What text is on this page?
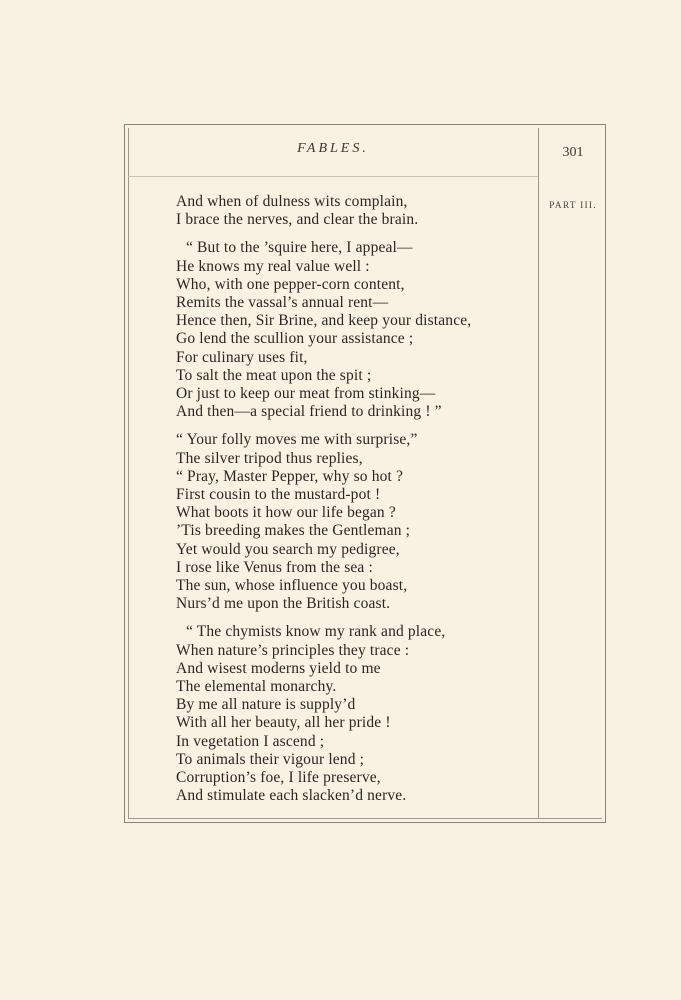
FABLES.	301
PART III.
And when of dulness wits complain,
I brace the nerves, and clear the brain.
“ But to the ’squire here, I appeal—
He knows my real value well :
Who, with one pepper-corn content,
Remits the vassal’s annual rent—
Hence then, Sir Brine, and keep your distance,
Go lend the scullion your assistance ;
For culinary uses fit,
To salt the meat upon the spit ;
Or just to keep our meat from stinking—
And then—a special friend to drinking ! ”
“ Your folly moves me with surprise,”
The silver tripod thus replies,
“ Pray, Master Pepper, why so hot ?
First cousin to the mustard-pot !
What boots it how our life began ?
’Tis breeding makes the Gentleman ;
Yet would you search my pedigree,
I rose like Venus from the sea :
The sun, whose influence you boast,
Nurs’d me upon the British coast.
“ The chymists know my rank and place,
When nature’s principles they trace :
And wisest moderns yield to me
The elemental monarchy.
By me all nature is supply’d
With all her beauty, all her pride !
In vegetation I ascend ;
To animals their vigour lend ;
Corruption’s foe, I life preserve,
And stimulate each slacken’d nerve.
